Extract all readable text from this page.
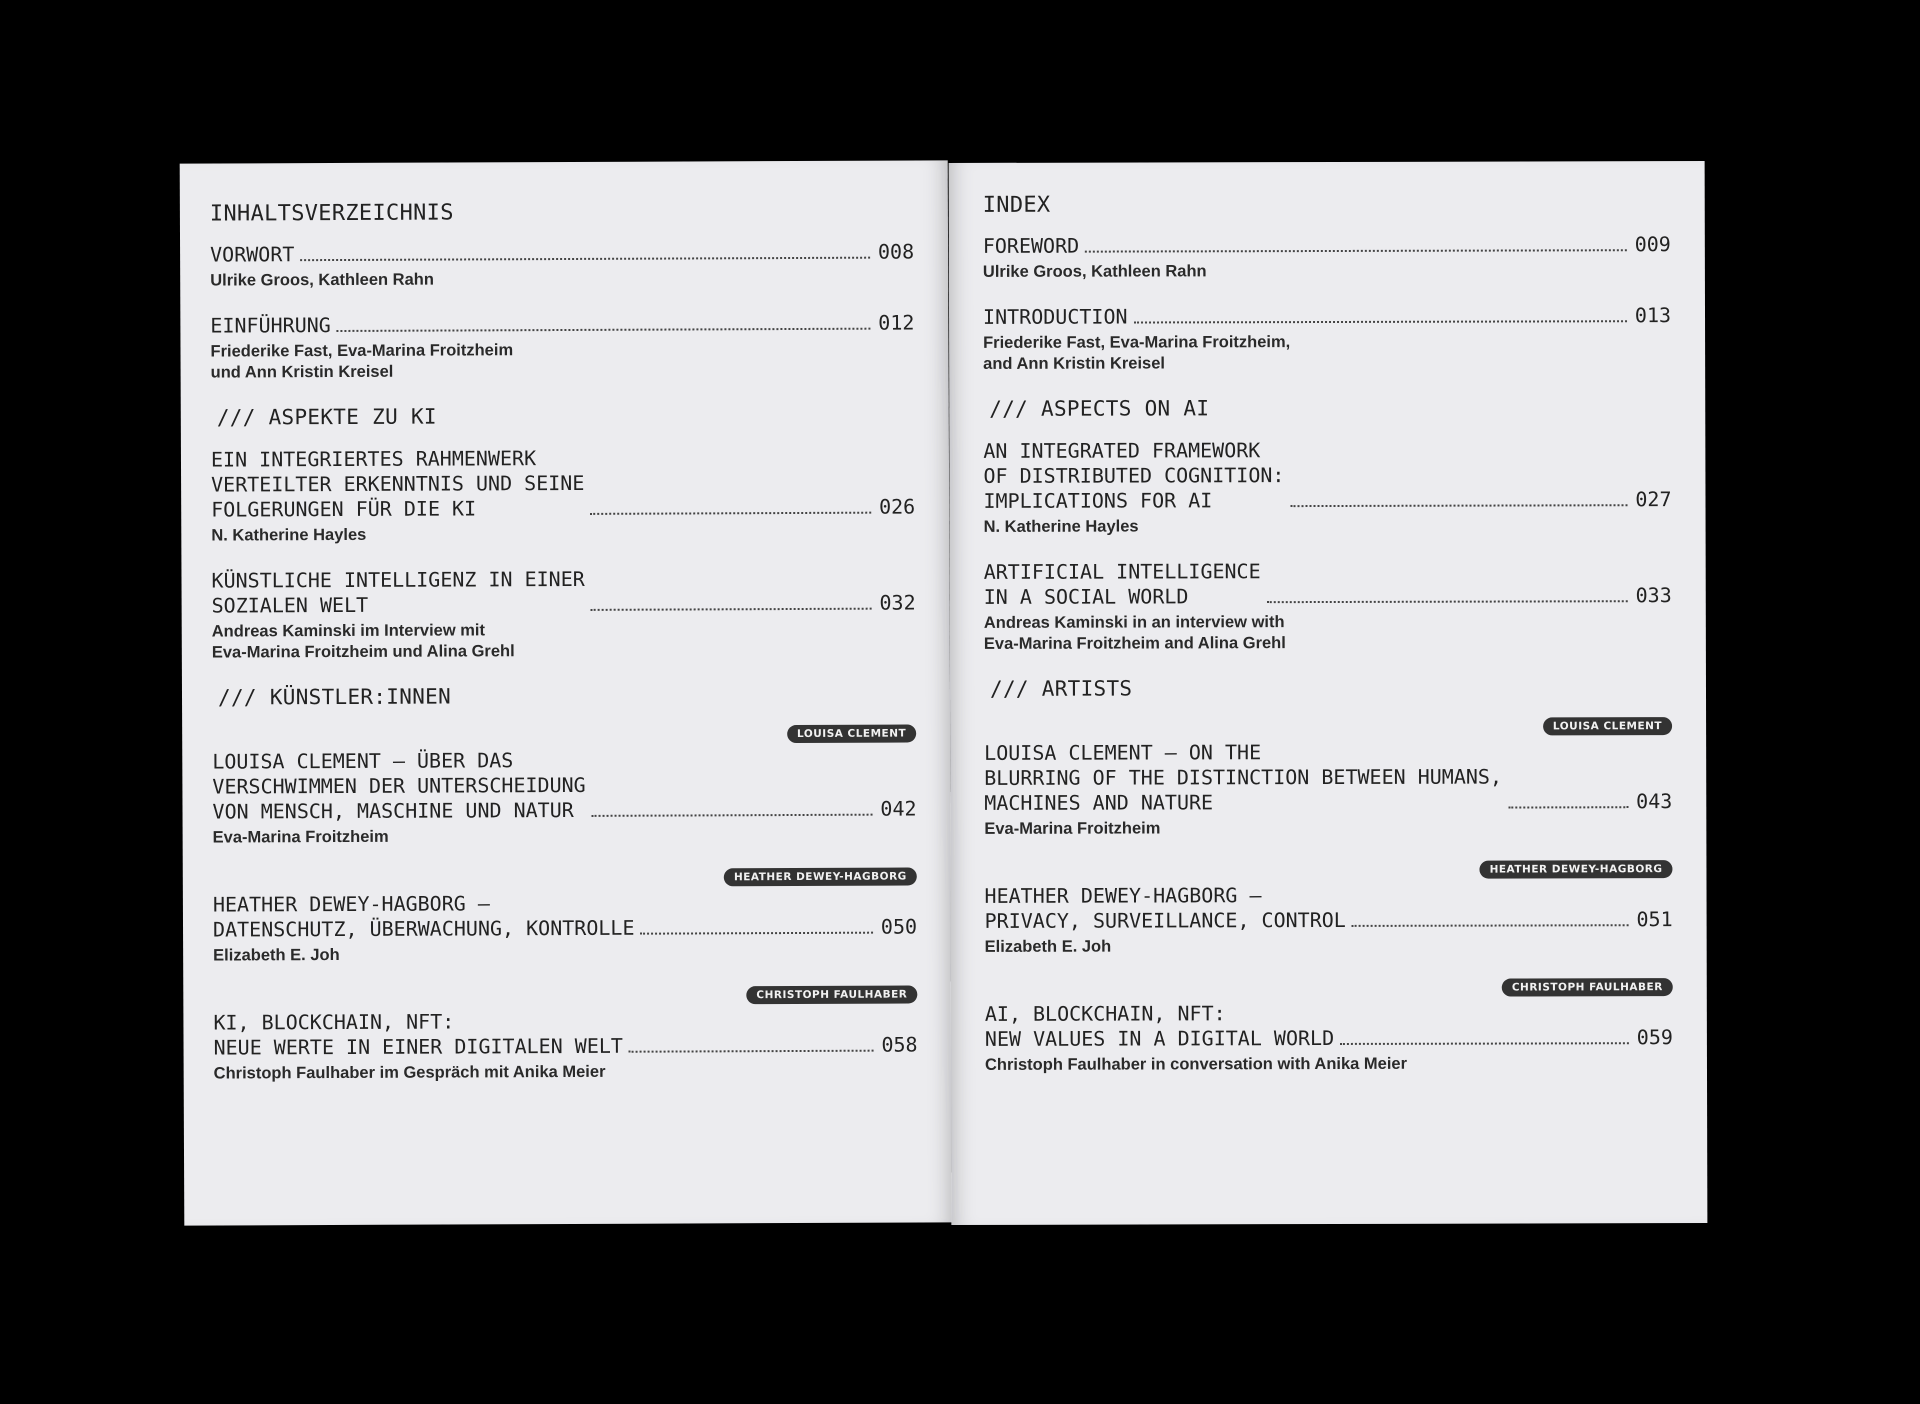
INHALTSVERZEICHNIS
VORWORT	008
Ulrike Groos, Kathleen Rahn
EINFÜHRUNG	012
Friederike Fast, Eva-Marina Froitzheim
und Ann Kristin Kreisel
/// ASPEKTE ZU KI
EIN INTEGRIERTES RAHMENWERK
VERTEILTER ERKENNTNIS UND SEINE
FOLGERUNGEN FÜR DIE KI	026
N. Katherine Hayles
KÜNSTLICHE INTELLIGENZ IN EINER
SOZIALEN WELT	032
Andreas Kaminski im Interview mit
Eva-Marina Froitzheim und Alina Grehl
/// KÜNSTLER:INNEN
LOUISA CLEMENT
LOUISA CLEMENT – ÜBER DAS
VERSCHWIMMEN DER UNTERSCHEIDUNG
VON MENSCH, MASCHINE UND NATUR	042
Eva-Marina Froitzheim
HEATHER DEWEY-HAGBORG
HEATHER DEWEY-HAGBORG –
DATENSCHUTZ, ÜBERWACHUNG, KONTROLLE	050
Elizabeth E. Joh
CHRISTOPH FAULHABER
KI, BLOCKCHAIN, NFT:
NEUE WERTE IN EINER DIGITALEN WELT	058
Christoph Faulhaber im Gespräch mit Anika Meier
INDEX
FOREWORD	009
Ulrike Groos, Kathleen Rahn
INTRODUCTION	013
Friederike Fast, Eva-Marina Froitzheim,
and Ann Kristin Kreisel
/// ASPECTS ON AI
AN INTEGRATED FRAMEWORK
OF DISTRIBUTED COGNITION:
IMPLICATIONS FOR AI	027
N. Katherine Hayles
ARTIFICIAL INTELLIGENCE
IN A SOCIAL WORLD	033
Andreas Kaminski in an interview with
Eva-Marina Froitzheim and Alina Grehl
/// ARTISTS
LOUISA CLEMENT
LOUISA CLEMENT – ON THE
BLURRING OF THE DISTINCTION BETWEEN HUMANS,
MACHINES AND NATURE	043
Eva-Marina Froitzheim
HEATHER DEWEY-HAGBORG
HEATHER DEWEY-HAGBORG –
PRIVACY, SURVEILLANCE, CONTROL	051
Elizabeth E. Joh
CHRISTOPH FAULHABER
AI, BLOCKCHAIN, NFT:
NEW VALUES IN A DIGITAL WORLD	059
Christoph Faulhaber in conversation with Anika Meier
